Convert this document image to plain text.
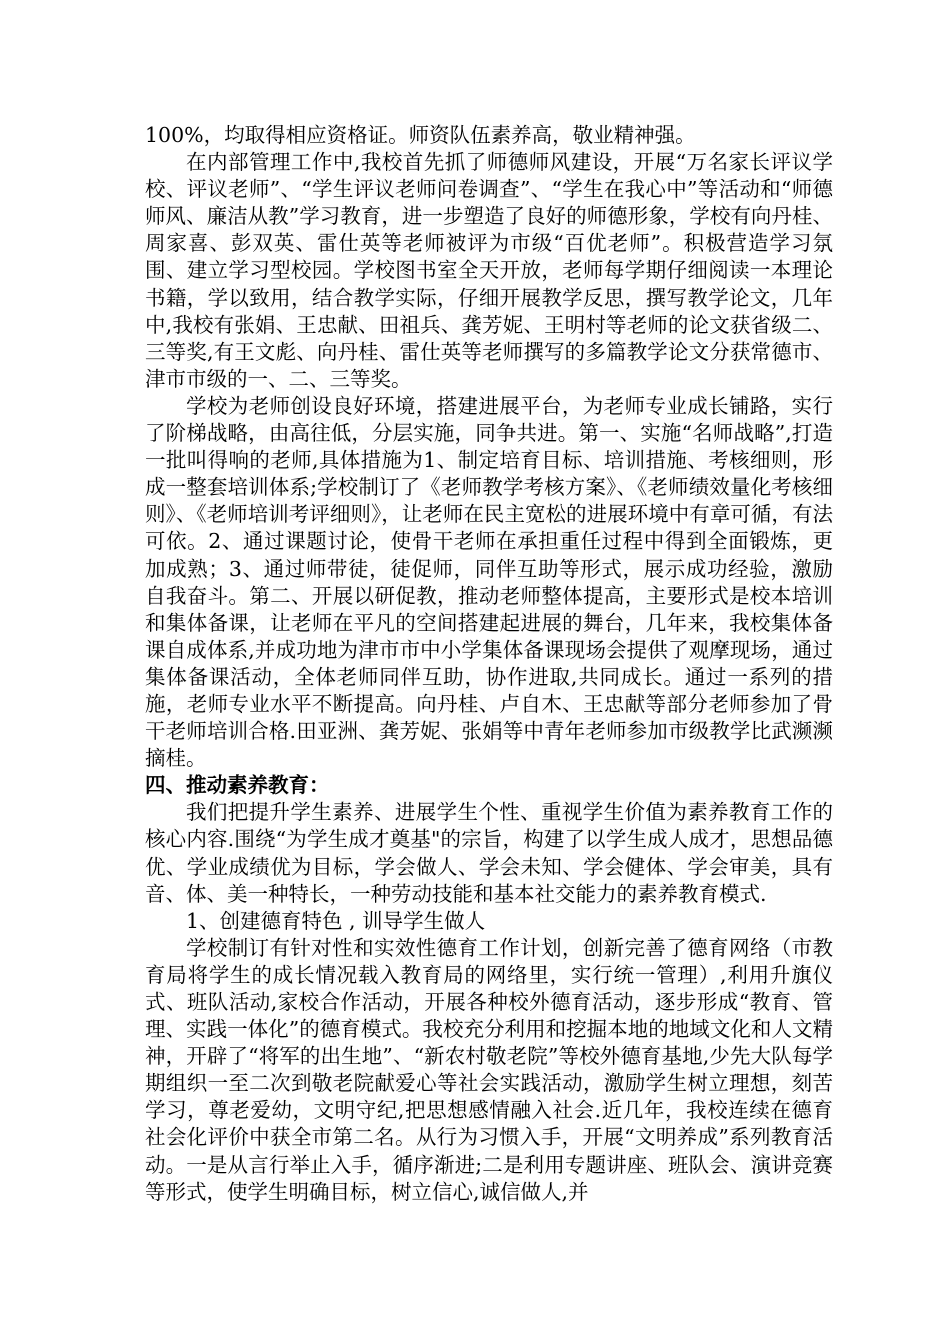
100%，均取得相应资格证。师资队伍素养高，敬业精神强。

在内部管理工作中,我校首先抓了师德师风建设，开展“万名家长评议学校、评议老师”、“学生评议老师问卷调查”、“学生在我心中”等活动和“师德师风、廉洁从教”学习教育，进一步塑造了良好的师德形象，学校有向丹桂、周家喜、彭双英、雷仕英等老师被评为市级“百优老师”。积极营造学习氛围、建立学习型校园。学校图书室全天开放，老师每学期仔细阅读一本理论书籍，学以致用，结合教学实际，仔细开展教学反思，撰写教学论文，几年中,我校有张娟、王忠献、田祖兵、龚芳妮、王明村等老师的论文获省级二、三等奖,有王文彪、向丹桂、雷仕英等老师撰写的多篇教学论文分获常德市、津市市级的一、二、三等奖。

学校为老师创设良好环境，搭建进展平台，为老师专业成长铺路，实行了阶梯战略，由高往低，分层实施，同争共进。第一、实施“名师战略”,打造一批叫得响的老师,具体措施为1、制定培育目标、培训措施、考核细则，形成一整套培训体系;学校制订了《老师教学考核方案》、《老师绩效量化考核细则》、《老师培训考评细则》，让老师在民主宽松的进展环境中有章可循，有法可依。2、通过课题讨论，使骨干老师在承担重任过程中得到全面锻炼，更加成熟；3、通过师带徒，徒促师，同伴互助等形式，展示成功经验，激励自我奋斗。第二、开展以研促教，推动老师整体提高，主要形式是校本培训和集体备课，让老师在平凡的空间搭建起进展的舞台，几年来，我校集体备课自成体系,并成功地为津市市中小学集体备课现场会提供了观摩现场，通过集体备课活动，全体老师同伴互助，协作进取,共同成长。通过一系列的措施，老师专业水平不断提高。向丹桂、卢自木、王忠献等部分老师参加了骨干老师培训合格.田亚洲、龚芳妮、张娟等中青年老师参加市级教学比武濒濒摘桂。

四、推动素养教育：

我们把提升学生素养、进展学生个性、重视学生价值为素养教育工作的核心内容.围绕“为学生成才奠基"的宗旨，构建了以学生成人成才，思想品德优、学业成绩优为目标，学会做人、学会未知、学会健体、学会审美，具有音、体、美一种特长，一种劳动技能和基本社交能力的素养教育模式.

1、创建德育特色 , 训导学生做人

学校制订有针对性和实效性德育工作计划，创新完善了德育网络（市教育局将学生的成长情况载入教育局的网络里，实行统一管理）,利用升旗仪式、班队活动,家校合作活动，开展各种校外德育活动，逐步形成“教育、管理、实践一体化”的德育模式。我校充分利用和挖掘本地的地域文化和人文精神，开辟了“将军的出生地”、“新农村敬老院”等校外德育基地,少先大队每学期组织一至二次到敬老院献爱心等社会实践活动，激励学生树立理想，刻苦学习，尊老爱幼，文明守纪,把思想感情融入社会.近几年，我校连续在德育社会化评价中获全市第二名。从行为习惯入手，开展“文明养成”系列教育活动。一是从言行举止入手，循序渐进;二是利用专题讲座、班队会、演讲竞赛等形式，使学生明确目标，树立信心,诚信做人,并
